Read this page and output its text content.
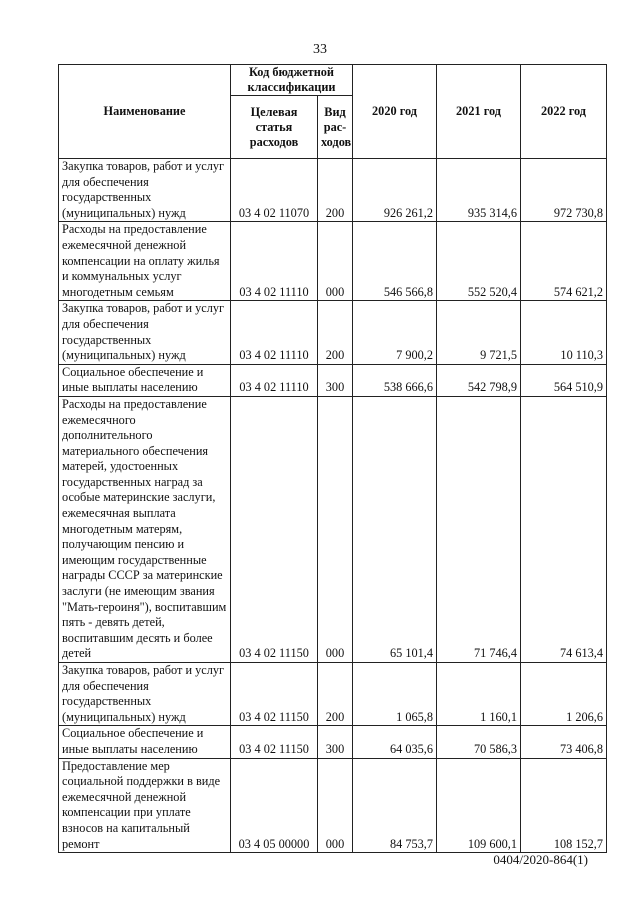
33
Наименование	Код бюджетной классификации		2020 год	2021 год	2022 год
	Целевая статья расходов	Вид рас-ходов			
Закупка товаров, работ и услуг для обеспечения государственных (муниципальных) нужд	03 4 02 11070	200	926 261,2	935 314,6	972 730,8
Расходы на предоставление ежемесячной денежной компенсации на оплату жилья и коммунальных услуг многодетным семьям	03 4 02 11110	000	546 566,8	552 520,4	574 621,2
Закупка товаров, работ и услуг для обеспечения государственных (муниципальных) нужд	03 4 02 11110	200	7 900,2	9 721,5	10 110,3
Социальное обеспечение и иные выплаты населению	03 4 02 11110	300	538 666,6	542 798,9	564 510,9
Расходы на предоставление ежемесячного дополнительного материального обеспечения матерей, удостоенных государственных наград за особые материнские заслуги, ежемесячная выплата многодетным матерям, получающим пенсию и имеющим государственные награды СССР за материнские заслуги (не имеющим звания "Мать-героиня"), воспитавшим пять - девять детей, воспитавшим десять и более детей	03 4 02 11150	000	65 101,4	71 746,4	74 613,4
Закупка товаров, работ и услуг для обеспечения государственных (муниципальных) нужд	03 4 02 11150	200	1 065,8	1 160,1	1 206,6
Социальное обеспечение и иные выплаты населению	03 4 02 11150	300	64 035,6	70 586,3	73 406,8
Предоставление мер социальной поддержки в виде ежемесячной денежной компенсации при уплате взносов на капитальный ремонт	03 4 05 00000	000	84 753,7	109 600,1	108 152,7
0404/2020-864(1)
